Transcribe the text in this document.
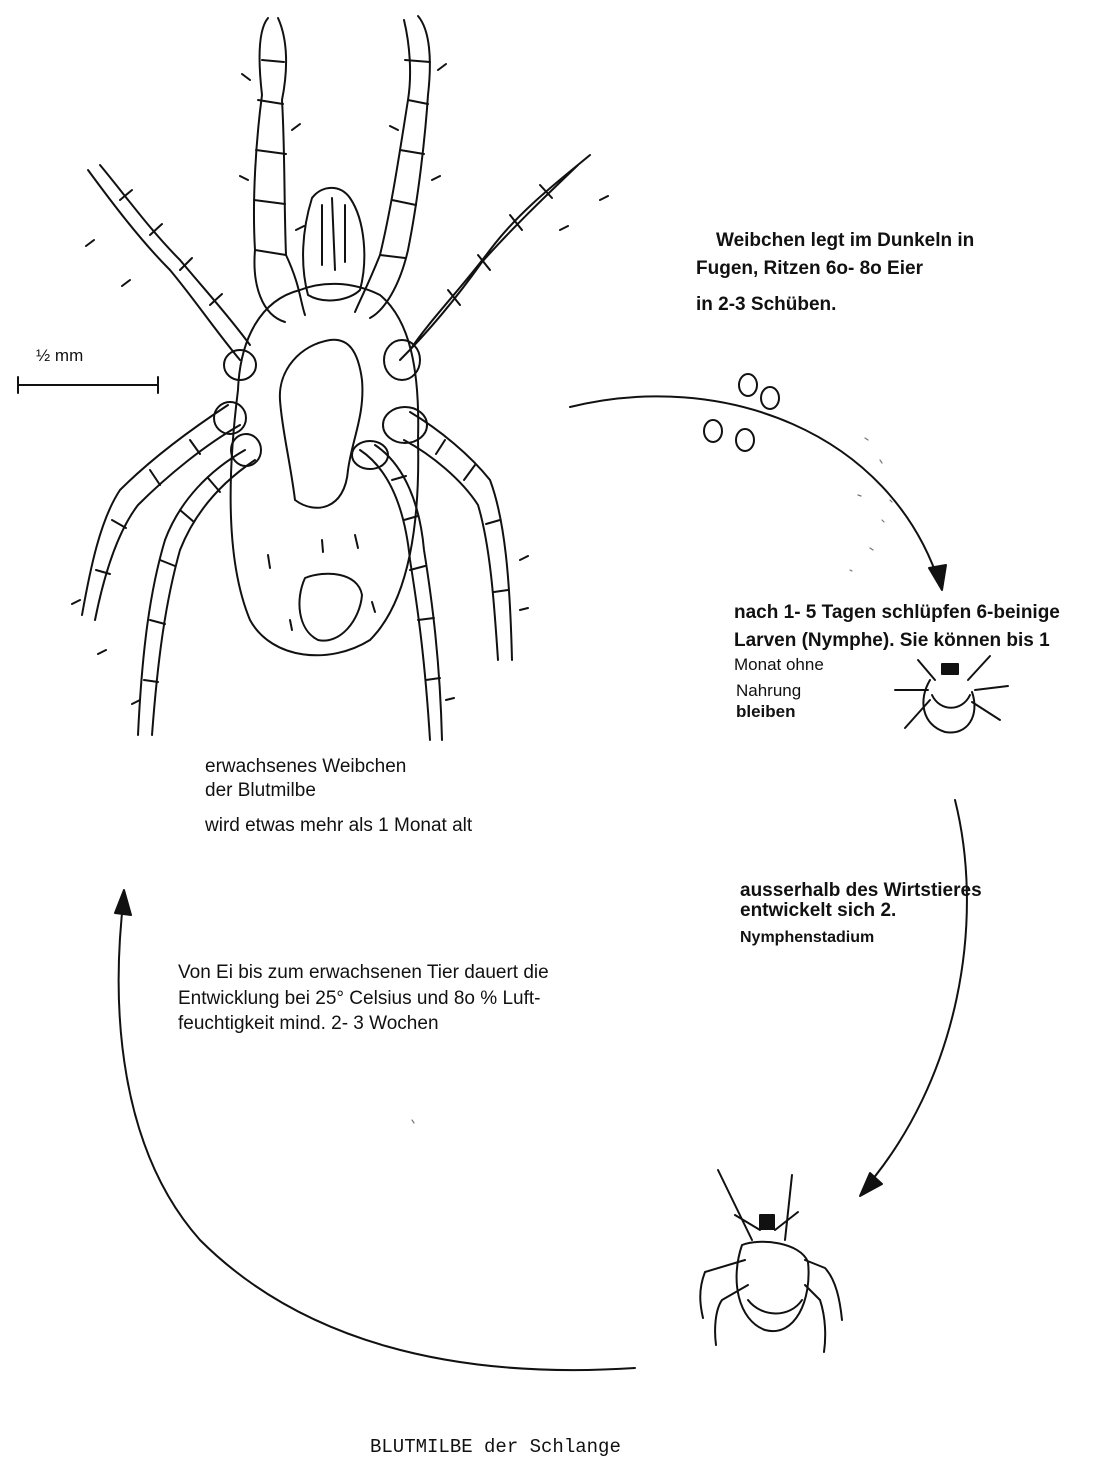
½ mm
Weibchen legt im Dunkeln in
Fugen, Ritzen 6o- 8o Eier
in 2-3 Schüben.
nach 1- 5 Tagen schlüpfen 6-beinige
Larven (Nymphe). Sie können bis 1
Monat ohne
Nahrung
bleiben
ausserhalb des Wirtstieres
entwickelt sich 2.
Nymphenstadium
erwachsenes Weibchen
der Blutmilbe
wird etwas mehr als 1 Monat alt
Von Ei bis zum erwachsenen Tier dauert die
Entwicklung bei 25° Celsius und 8o % Luft-
feuchtigkeit mind. 2- 3 Wochen
BLUTMILBE der Schlange
